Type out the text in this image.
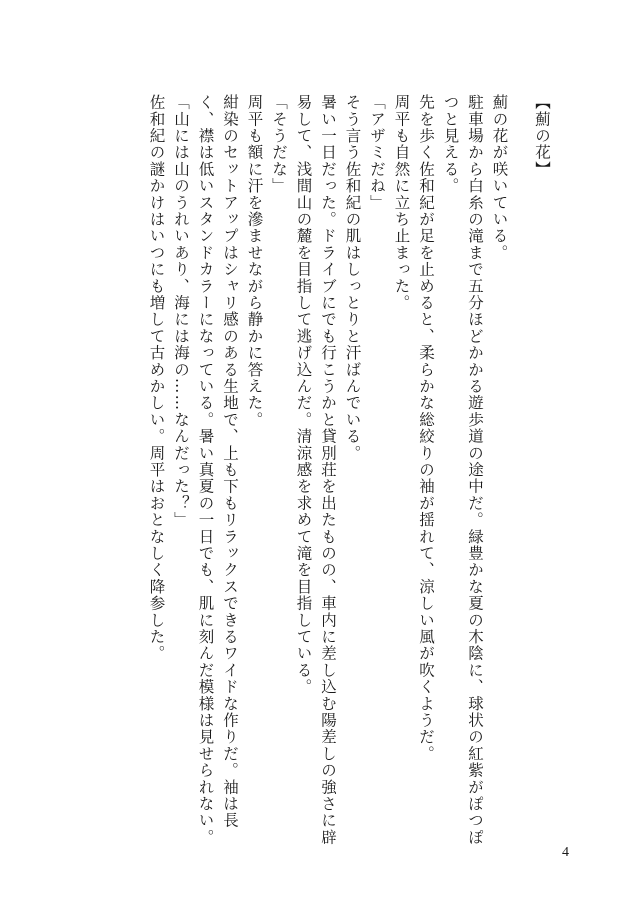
【薊の花】
薊の花が咲いている。
駐車場から白糸の滝まで五分ほどかかる遊歩道の途中だ。緑豊かな夏の木陰に、球状の紅紫がぽつぽつと見える。
先を歩く佐和紀が足を止めると、柔らかな総絞りの袖が揺れて、涼しい風が吹くようだ。
周平も自然に立ち止まった。
「アザミだね」
そう言う佐和紀の肌はしっとりと汗ばんでいる。
暑い一日だった。ドライブにでも行こうかと貸別荘を出たものの、車内に差し込む陽差しの強さに辟易して、浅間山の麓を目指して逃げ込んだ。清涼感を求めて滝を目指している。
「そうだな」
周平も額に汗を滲ませながら静かに答えた。
紺染のセットアップはシャリ感のある生地で、上も下もリラックスできるワイドな作りだ。袖は長く、襟は低いスタンドカラーになっている。暑い真夏の一日でも、肌に刻んだ模様は見せられない。
「山には山のうれいあり、海には海の……なんだった？」
佐和紀の謎かけはいつにも増して古めかしい。周平はおとなしく降参した。
4
